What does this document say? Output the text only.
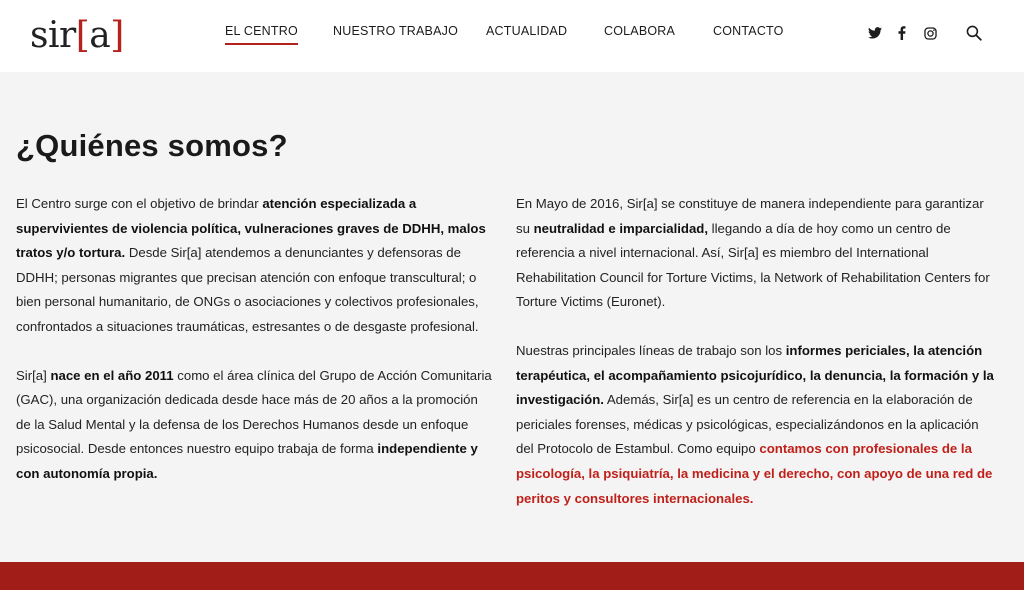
sir[a]	EL CENTRO	NUESTRO TRABAJO ACTUALIDAD	COLABORA	CONTACTO
¿Quiénes somos?

El Centro surge con el objetivo de brindar atención especializada a supervivientes de violencia política, vulneraciones graves de DDHH, malos tratos y/o tortura. Desde Sir[a] atendemos a denunciantes y defensoras de DDHH; personas migrantes que precisan atención con enfoque transcultural; o bien personal humanitario, de ONGs o asociaciones y colectivos profesionales, confrontados a situaciones traumáticas, estresantes o de desgaste profesional.

Sir[a] nace en el año 2011 como el área clínica del Grupo de Acción Comunitaria (GAC), una organización dedicada desde hace más de 20 años a la promoción de la Salud Mental y la defensa de los Derechos Humanos desde un enfoque psicosocial. Desde entonces nuestro equipo trabaja de forma independiente y con autonomía propia.

En Mayo de 2016, Sir[a] se constituye de manera independiente para garantizar su neutralidad e imparcialidad, llegando a día de hoy como un centro de referencia a nivel internacional. Así, Sir[a] es miembro del International Rehabilitation Council for Torture Victims, la Network of Rehabilitation Centers for Torture Victims (Euronet).

Nuestras principales líneas de trabajo son los informes periciales, la atención terapéutica, el acompañamiento psicojurídico, la denuncia, la formación y la investigación. Además, Sir[a] es un centro de referencia en la elaboración de periciales forenses, médicas y psicológicas, especializándonos en la aplicación del Protocolo de Estambul. Como equipo contamos con profesionales de la psicología, la psiquiatría, la medicina y el derecho, con apoyo de una red de peritos y consultores internacionales.
